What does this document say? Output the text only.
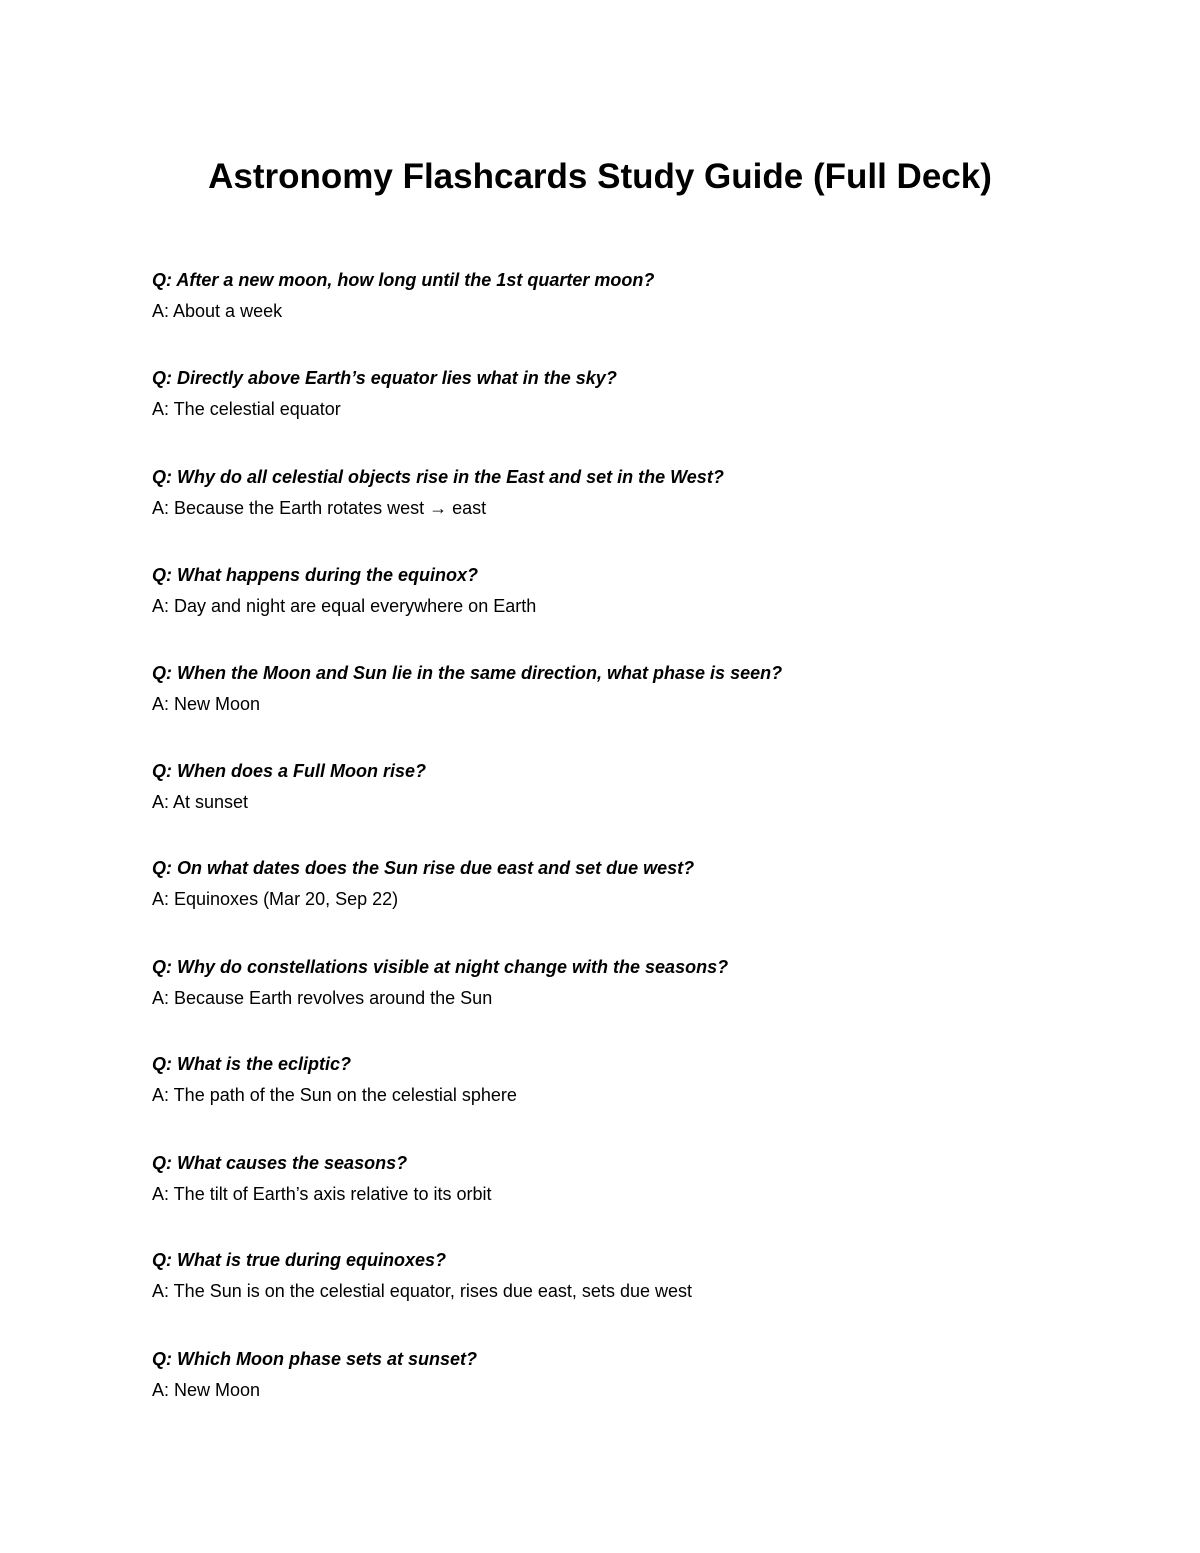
Astronomy Flashcards Study Guide (Full Deck)

Q: After a new moon, how long until the 1st quarter moon?

A: About a week

Q: Directly above Earth’s equator lies what in the sky?

A: The celestial equator

Q: Why do all celestial objects rise in the East and set in the West?

A: Because the Earth rotates west → east

Q: What happens during the equinox?

A: Day and night are equal everywhere on Earth

Q: When the Moon and Sun lie in the same direction, what phase is seen?

A: New Moon

Q: When does a Full Moon rise?

A: At sunset

Q: On what dates does the Sun rise due east and set due west?

A: Equinoxes (Mar 20, Sep 22)

Q: Why do constellations visible at night change with the seasons?

A: Because Earth revolves around the Sun

Q: What is the ecliptic?

A: The path of the Sun on the celestial sphere

Q: What causes the seasons?

A: The tilt of Earth’s axis relative to its orbit

Q: What is true during equinoxes?

A: The Sun is on the celestial equator, rises due east, sets due west

Q: Which Moon phase sets at sunset?

A: New Moon
